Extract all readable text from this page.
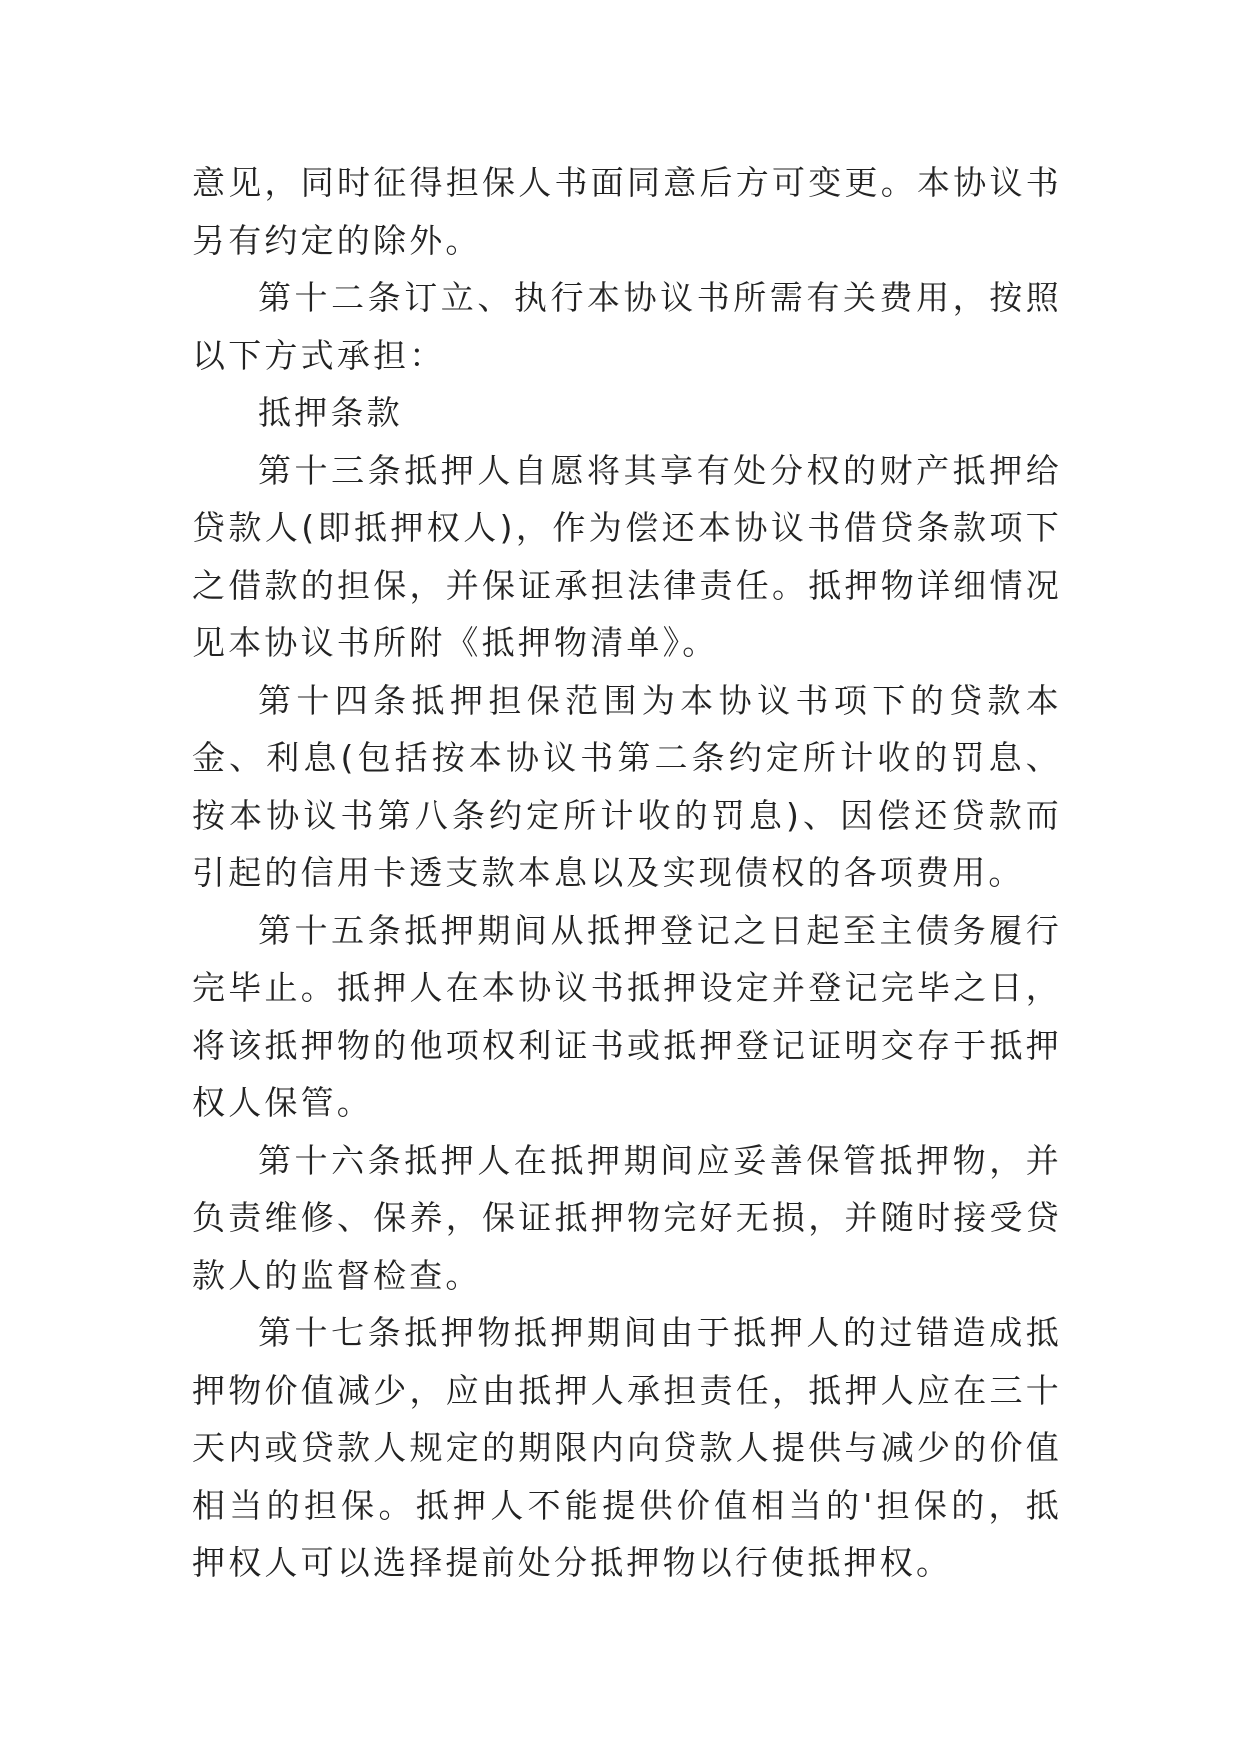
意见，同时征得担保人书面同意后方可变更。本协议书另有约定的除外。

第十二条订立、执行本协议书所需有关费用，按照以下方式承担：

抵押条款

第十三条抵押人自愿将其享有处分权的财产抵押给贷款人(即抵押权人)，作为偿还本协议书借贷条款项下之借款的担保，并保证承担法律责任。抵押物详细情况见本协议书所附《抵押物清单》。

第十四条抵押担保范围为本协议书项下的贷款本金、利息(包括按本协议书第二条约定所计收的罚息、按本协议书第八条约定所计收的罚息)、因偿还贷款而引起的信用卡透支款本息以及实现债权的各项费用。

第十五条抵押期间从抵押登记之日起至主债务履行完毕止。抵押人在本协议书抵押设定并登记完毕之日，将该抵押物的他项权利证书或抵押登记证明交存于抵押权人保管。

第十六条抵押人在抵押期间应妥善保管抵押物，并负责维修、保养，保证抵押物完好无损，并随时接受贷款人的监督检查。

第十七条抵押物抵押期间由于抵押人的过错造成抵押物价值减少，应由抵押人承担责任，抵押人应在三十天内或贷款人规定的期限内向贷款人提供与减少的价值相当的担保。抵押人不能提供价值相当的'担保的，抵押权人可以选择提前处分抵押物以行使抵押权。
